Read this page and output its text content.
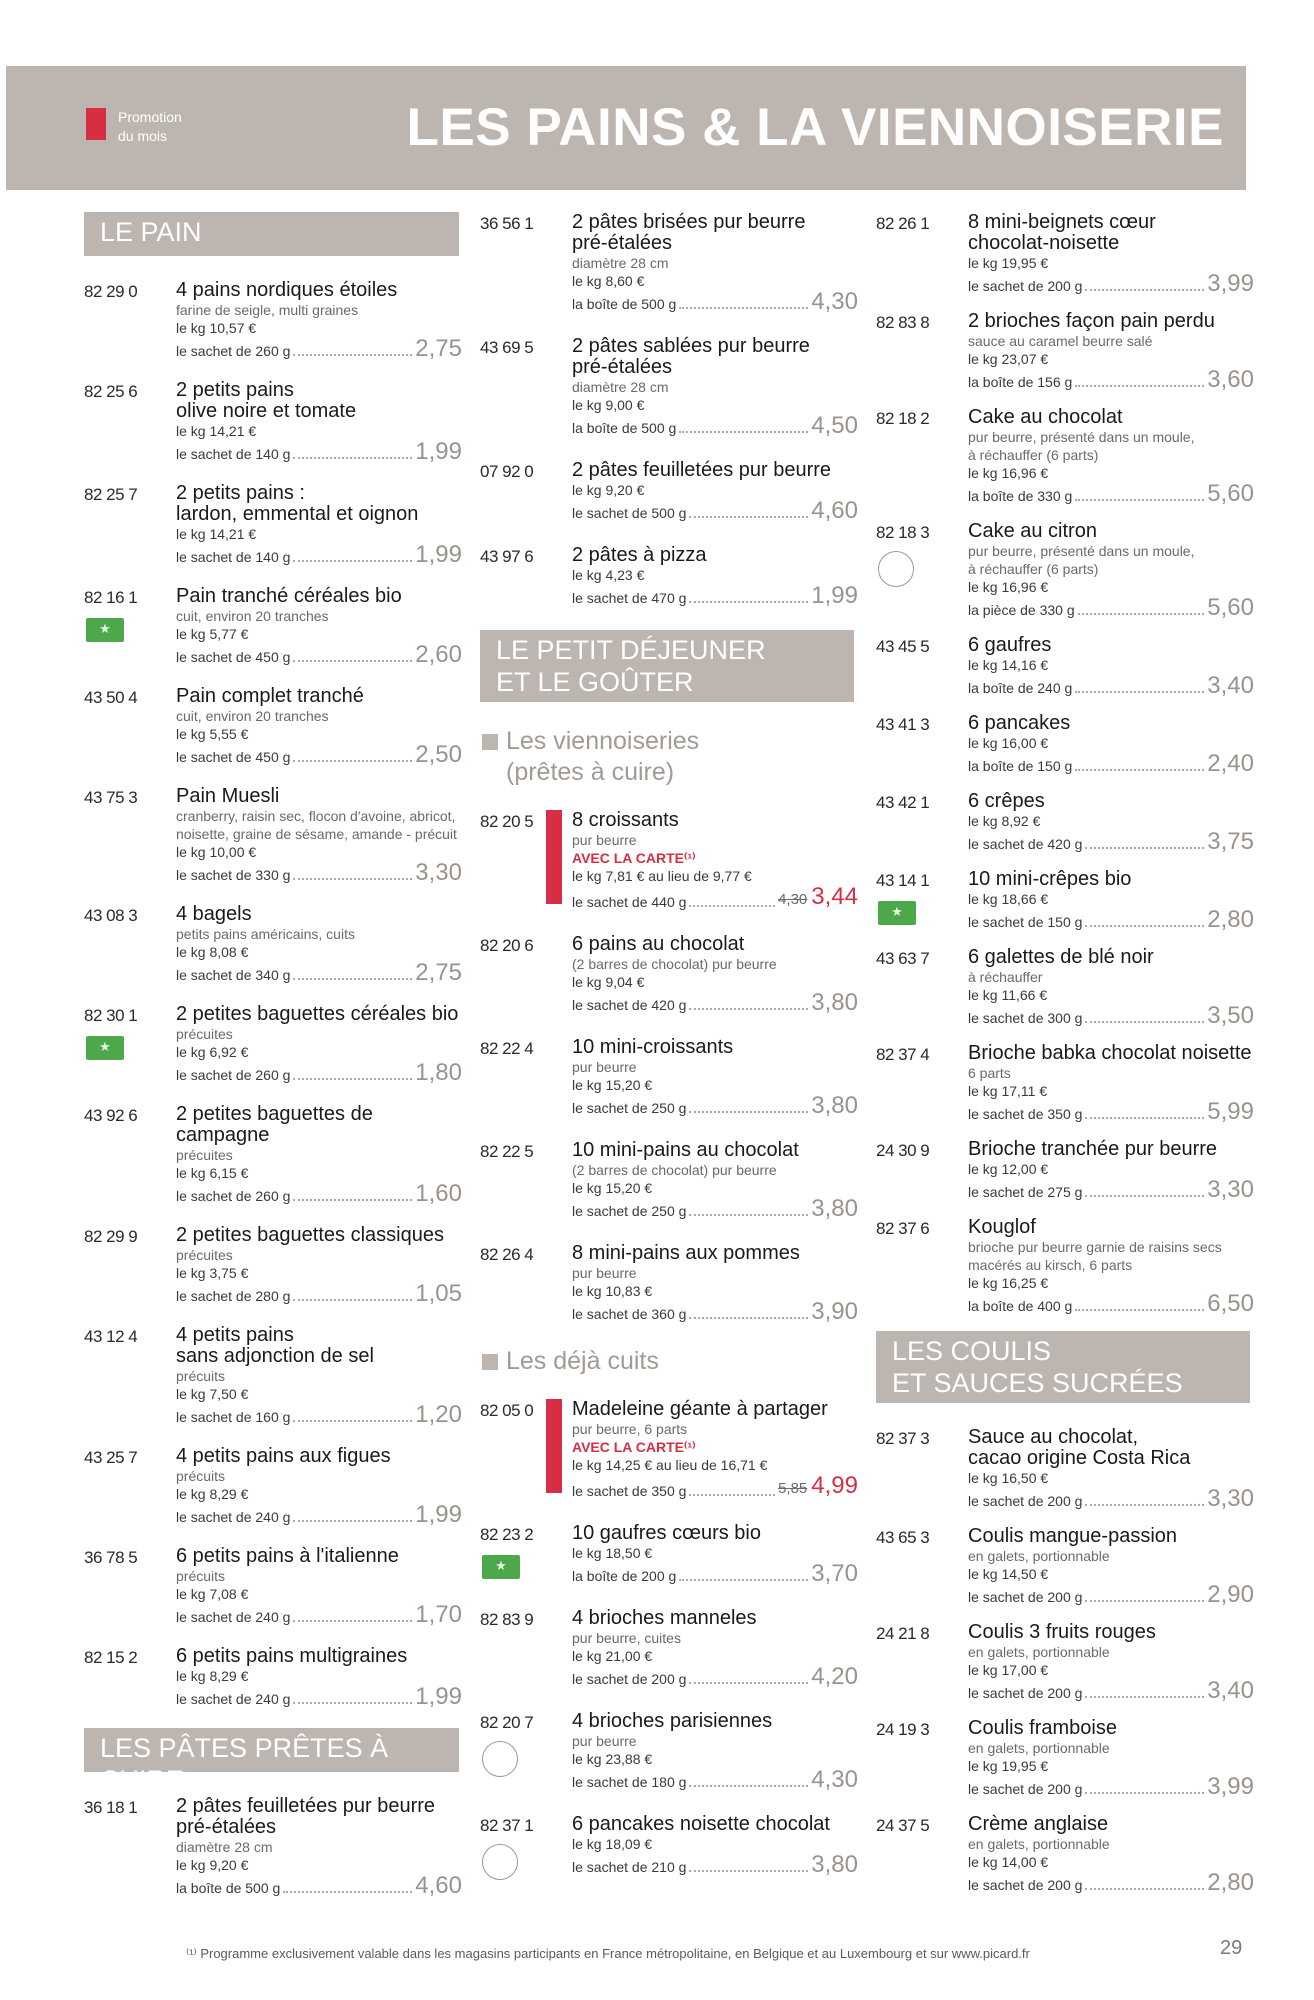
Promotion
du mois	LES PAINS & LA VIENNOISERIE
LE PAIN
82 29 0	4 pains nordiques étoiles
farine de seigle, multi graines
le kg 10,57 €
le sachet de 260 g	2,75
82 25 6	2 petits pains
olive noire et tomate
le kg 14,21 €
le sachet de 140 g	1,99
82 25 7	2 petits pains :
lardon, emmental et oignon
le kg 14,21 €
le sachet de 140 g	1,99
82 16 1
★	Pain tranché céréales bio
cuit, environ 20 tranches
le kg 5,77 €
le sachet de 450 g	2,60
43 50 4	Pain complet tranché
cuit, environ 20 tranches
le kg 5,55 €
le sachet de 450 g	2,50
43 75 3	Pain Muesli
cranberry, raisin sec, flocon d'avoine, abricot,
noisette, graine de sésame, amande - précuit
le kg 10,00 €
le sachet de 330 g	3,30
43 08 3	4 bagels
petits pains américains, cuits
le kg 8,08 €
le sachet de 340 g	2,75
82 30 1
★	2 petites baguettes céréales bio
précuites
le kg 6,92 €
le sachet de 260 g	1,80
43 92 6	2 petites baguettes de campagne
précuites
le kg 6,15 €
le sachet de 260 g	1,60
82 29 9	2 petites baguettes classiques
précuites
le kg 3,75 €
le sachet de 280 g	1,05
43 12 4	4 petits pains
sans adjonction de sel
précuits
le kg 7,50 €
le sachet de 160 g	1,20
43 25 7	4 petits pains aux figues
précuits
le kg 8,29 €
le sachet de 240 g	1,99
36 78 5	6 petits pains à l'italienne
précuits
le kg 7,08 €
le sachet de 240 g	1,70
82 15 2	6 petits pains multigraines
le kg 8,29 €
le sachet de 240 g	1,99
LES PÂTES PRÊTES À CUIRE
36 18 1	2 pâtes feuilletées pur beurre
pré-étalées
diamètre 28 cm
le kg 9,20 €
la boîte de 500 g	4,60
36 56 1	2 pâtes brisées pur beurre
pré-étalées
diamètre 28 cm
le kg 8,60 €
la boîte de 500 g	4,30
43 69 5	2 pâtes sablées pur beurre
pré-étalées
diamètre 28 cm
le kg 9,00 €
la boîte de 500 g	4,50
07 92 0	2 pâtes feuilletées pur beurre
le kg 9,20 €
le sachet de 500 g	4,60
43 97 6	2 pâtes à pizza
le kg 4,23 €
le sachet de 470 g	1,99
LE PETIT DÉJEUNER
ET LE GOÛTER
Les viennoiseries
(prêtes à cuire)
82 20 5	8 croissants
pur beurre
AVEC LA CARTE⁽¹⁾
le kg 7,81 € au lieu de 9,77 €
le sachet de 440 g	4,30 3,44
82 20 6	6 pains au chocolat
(2 barres de chocolat) pur beurre
le kg 9,04 €
le sachet de 420 g	3,80
82 22 4	10 mini-croissants
pur beurre
le kg 15,20 €
le sachet de 250 g	3,80
82 22 5	10 mini-pains au chocolat
(2 barres de chocolat) pur beurre
le kg 15,20 €
le sachet de 250 g	3,80
82 26 4	8 mini-pains aux pommes
pur beurre
le kg 10,83 €
le sachet de 360 g	3,90
Les déjà cuits
82 05 0	Madeleine géante à partager
pur beurre, 6 parts
AVEC LA CARTE⁽¹⁾
le kg 14,25 € au lieu de 16,71 €
le sachet de 350 g	5,85 4,99
82 23 2
★	10 gaufres cœurs bio
le kg 18,50 €
la boîte de 200 g	3,70
82 83 9	4 brioches manneles
pur beurre, cuites
le kg 21,00 €
le sachet de 200 g	4,20
82 20 7	4 brioches parisiennes
pur beurre
le kg 23,88 €
le sachet de 180 g	4,30
82 37 1	6 pancakes noisette chocolat
le kg 18,09 €
le sachet de 210 g	3,80
82 26 1	8 mini-beignets cœur
chocolat-noisette
le kg 19,95 €
le sachet de 200 g	3,99
82 83 8	2 brioches façon pain perdu
sauce au caramel beurre salé
le kg 23,07 €
la boîte de 156 g	3,60
82 18 2	Cake au chocolat
pur beurre, présenté dans un moule,
à réchauffer (6 parts)
le kg 16,96 €
la boîte de 330 g	5,60
82 18 3	Cake au citron
pur beurre, présenté dans un moule,
à réchauffer (6 parts)
le kg 16,96 €
la pièce de 330 g	5,60
43 45 5	6 gaufres
le kg 14,16 €
la boîte de 240 g	3,40
43 41 3	6 pancakes
le kg 16,00 €
la boîte de 150 g	2,40
43 42 1	6 crêpes
le kg 8,92 €
le sachet de 420 g	3,75
43 14 1
★	10 mini-crêpes bio
le kg 18,66 €
le sachet de 150 g	2,80
43 63 7	6 galettes de blé noir
à réchauffer
le kg 11,66 €
le sachet de 300 g	3,50
82 37 4	Brioche babka chocolat noisette
6 parts
le kg 17,11 €
le sachet de 350 g	5,99
24 30 9	Brioche tranchée pur beurre
le kg 12,00 €
le sachet de 275 g	3,30
82 37 6	Kouglof
brioche pur beurre garnie de raisins secs
macérés au kirsch, 6 parts
le kg 16,25 €
la boîte de 400 g	6,50
LES COULIS
ET SAUCES SUCRÉES
82 37 3	Sauce au chocolat,
cacao origine Costa Rica
le kg 16,50 €
le sachet de 200 g	3,30
43 65 3	Coulis mangue-passion
en galets, portionnable
le kg 14,50 €
le sachet de 200 g	2,90
24 21 8	Coulis 3 fruits rouges
en galets, portionnable
le kg 17,00 €
le sachet de 200 g	3,40
24 19 3	Coulis framboise
en galets, portionnable
le kg 19,95 €
le sachet de 200 g	3,99
24 37 5	Crème anglaise
en galets, portionnable
le kg 14,00 €
le sachet de 200 g	2,80
⁽¹⁾ Programme exclusivement valable dans les magasins participants en France métropolitaine, en Belgique et au Luxembourg et sur www.picard.fr	29
